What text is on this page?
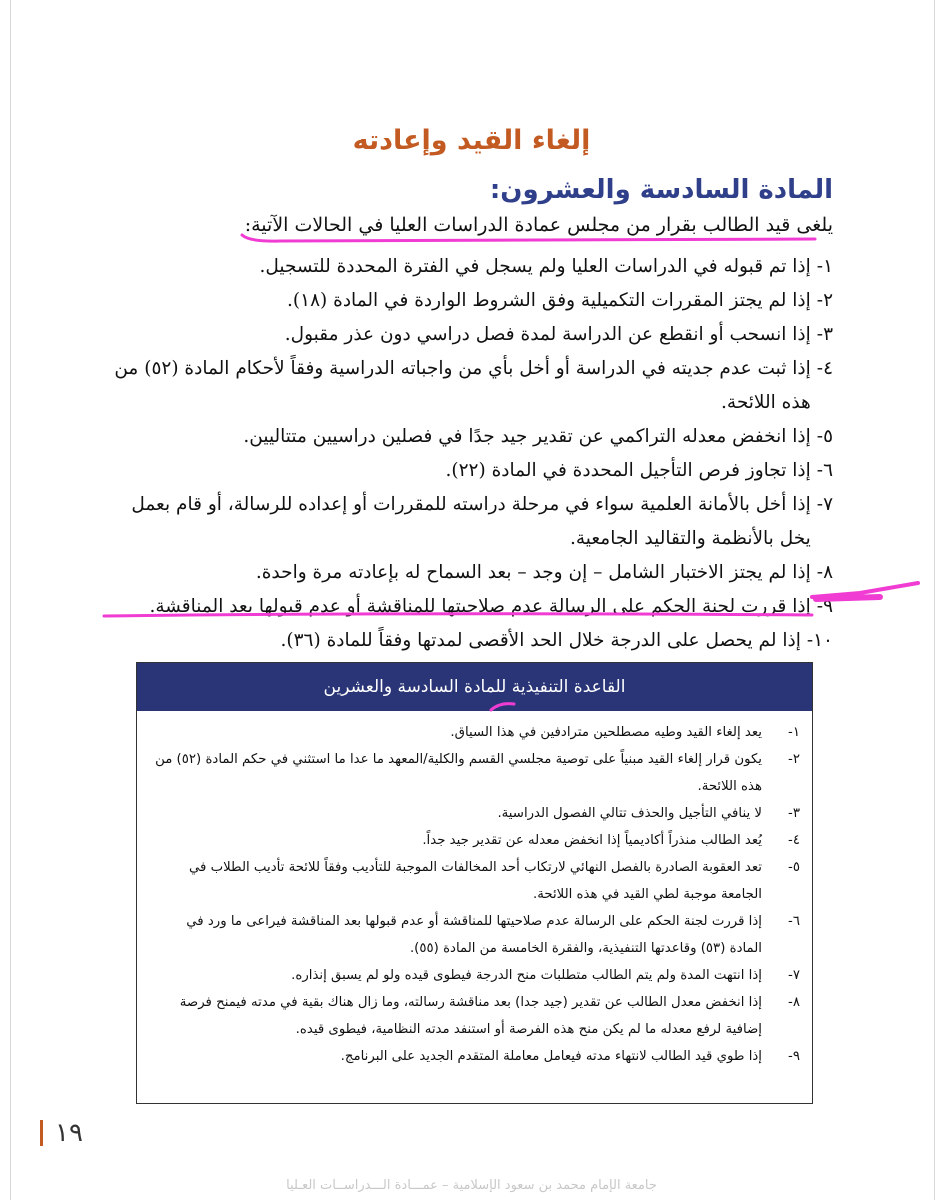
إلغاء القيد وإعادته
المادة السادسة والعشرون:
يلغى قيد الطالب بقرار من مجلس عمادة الدراسات العليا في الحالات الآتية:
١-
إذا تم قبوله في الدراسات العليا ولم يسجل في الفترة المحددة للتسجيل.
٢-
إذا لم يجتز المقررات التكميلية وفق الشروط الواردة في المادة (١٨).
٣-
إذا انسحب أو انقطع عن الدراسة لمدة فصل دراسي دون عذر مقبول.
٤-
إذا ثبت عدم جديته في الدراسة أو أخل بأي من واجباته الدراسية وفقاً لأحكام المادة (٥٢) من هذه اللائحة.
٥-
إذا انخفض معدله التراكمي عن تقدير جيد جدًا في فصلين دراسيين متتاليين.
٦-
إذا تجاوز فرص التأجيل المحددة في المادة (٢٢).
٧-
إذا أخل بالأمانة العلمية سواء في مرحلة دراسته للمقررات أو إعداده للرسالة، أو قام بعمل يخل بالأنظمة والتقاليد الجامعية.
٨-
إذا لم يجتز الاختبار الشامل – إن وجد – بعد السماح له بإعادته مرة واحدة.
٩-
إذا قررت لجنة الحكم على الرسالة عدم صلاحيتها للمناقشة أو عدم قبولها بعد المناقشة.
١٠-
إذا لم يحصل على الدرجة خلال الحد الأقصى لمدتها وفقاً للمادة (٣٦).
القاعدة التنفيذية للمادة السادسة والعشرين
١-
يعد إلغاء القيد وطيه مصطلحين مترادفين في هذا السياق.
٢-
يكون قرار إلغاء القيد مبنياً على توصية مجلسي القسم والكلية/المعهد ما عدا ما استثني في حكم المادة (٥٢) من هذه اللائحة.
٣-
لا ينافي التأجيل والحذف تتالي الفصول الدراسية.
٤-
يُعد الطالب منذراً أكاديمياً إذا انخفض معدله عن تقدير جيد جداً.
٥-
تعد العقوبة الصادرة بالفصل النهائي لارتكاب أحد المخالفات الموجبة للتأديب وفقاً للائحة تأديب الطلاب في الجامعة موجبة لطي القيد في هذه اللائحة.
٦-
إذا قررت لجنة الحكم على الرسالة عدم صلاحيتها للمناقشة أو عدم قبولها بعد المناقشة فيراعى ما ورد في المادة (٥٣) وقاعدتها التنفيذية، والفقرة الخامسة من المادة (٥٥).
٧-
إذا انتهت المدة ولم يتم الطالب متطلبات منح الدرجة فيطوى قيده ولو لم يسبق إنذاره.
٨-
إذا انخفض معدل الطالب عن تقدير (جيد جدا) بعد مناقشة رسالته، وما زال هناك بقية في مدته فيمنح فرصة إضافية لرفع معدله ما لم يكن منح هذه الفرصة أو استنفد مدته النظامية، فيطوى قيده.
٩-
إذا طوي قيد الطالب لانتهاء مدته فيعامل معاملة المتقدم الجديد على البرنامج.
١٩
جامعة الإمام محمد بن سعود الإسلامية – عمـــادة الـــدراســات العـليا
